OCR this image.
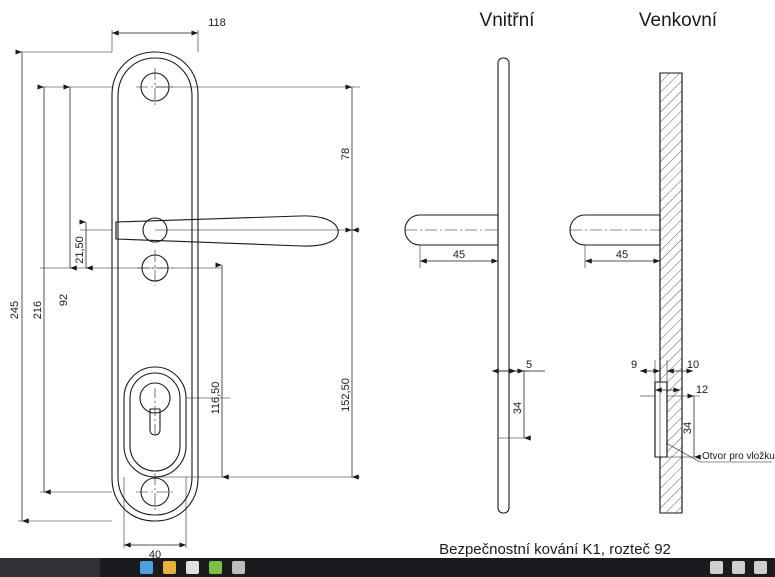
118
245 216
92
21,50
78
152,50
116,50
40
Vnitřní	Venkovní
45
5
34
45
9	10
12
34
Otvor pro vložku
Bezpečnostní kování K1, rozteč 92
